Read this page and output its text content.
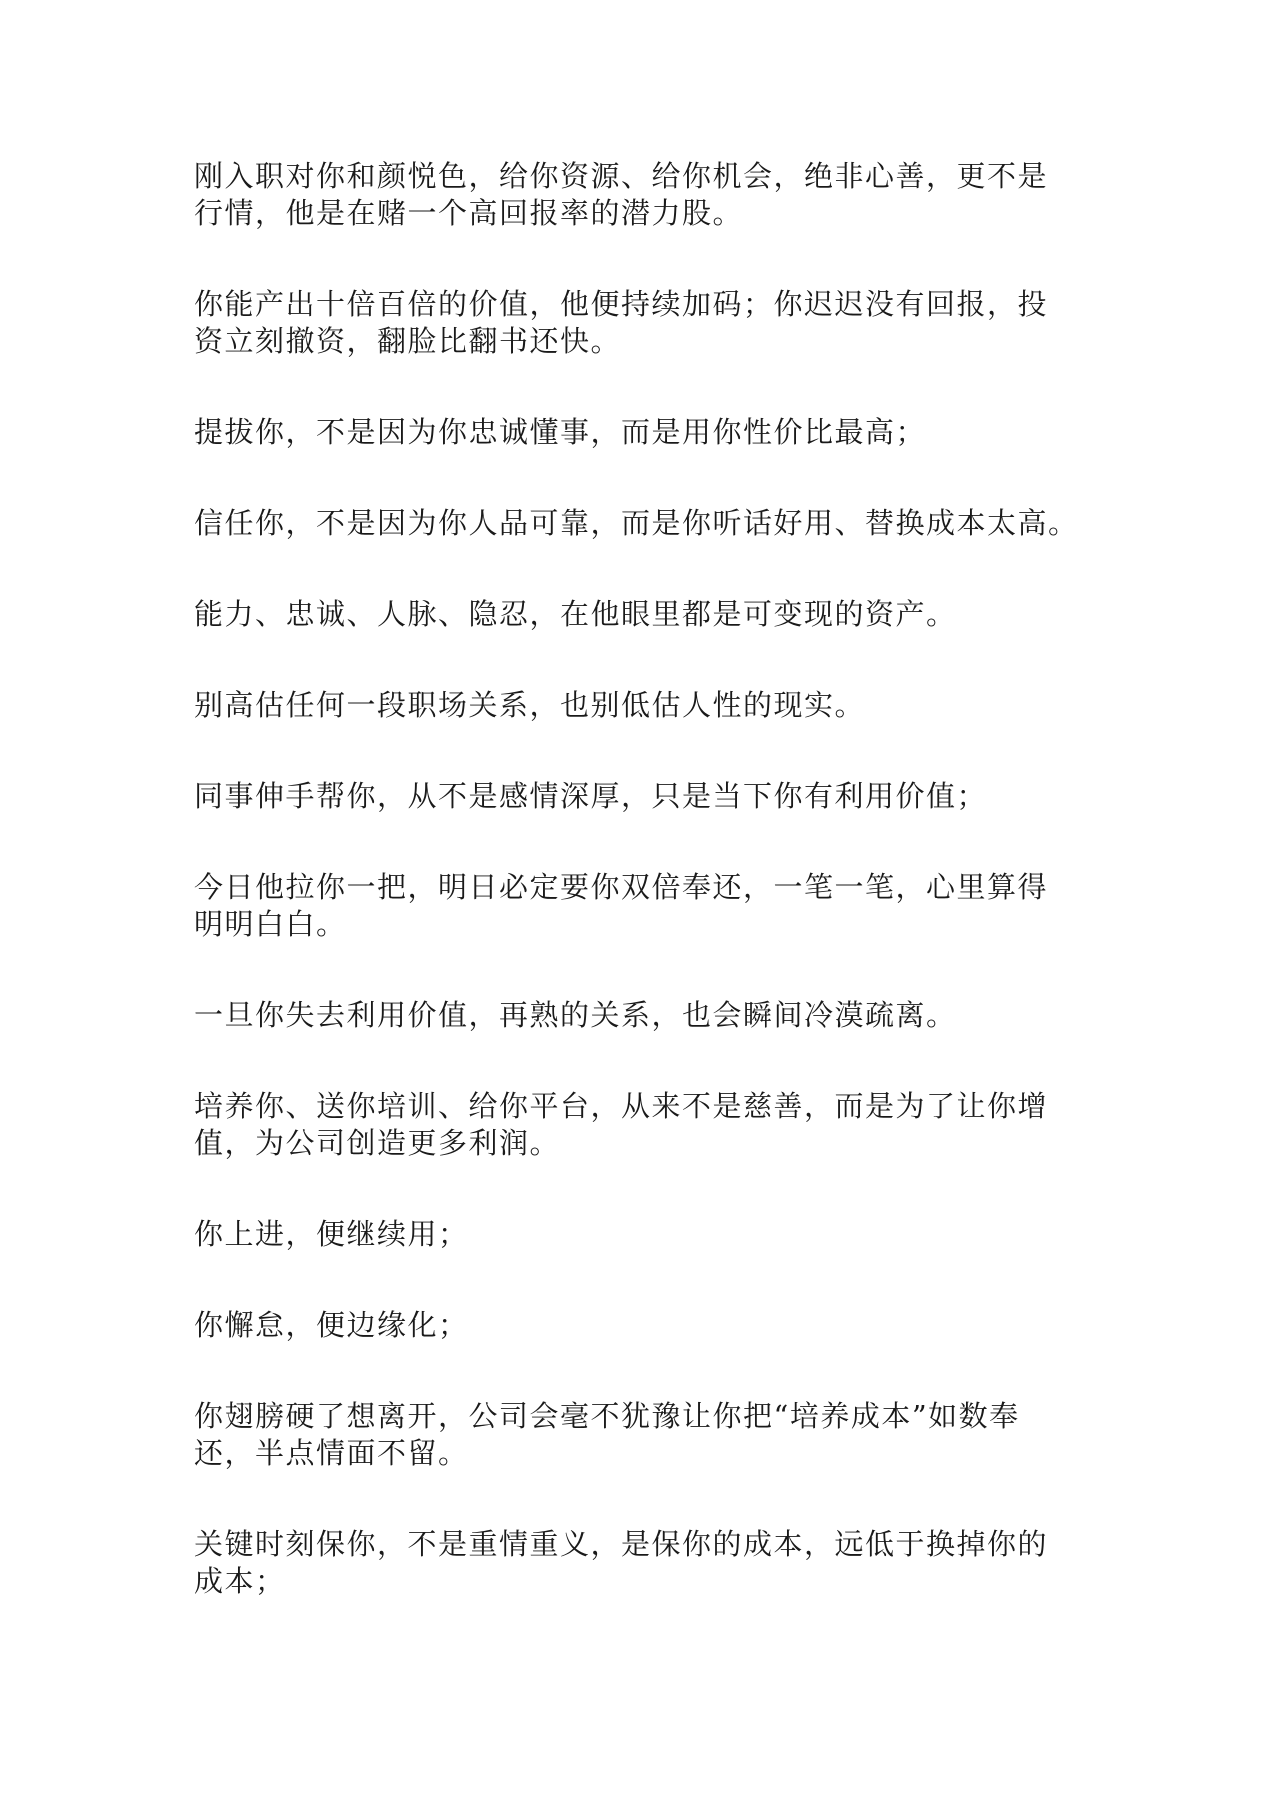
刚入职对你和颜悦色，给你资源、给你机会，绝非心善，更不是
行情，他是在赌一个高回报率的潜力股。

你能产出十倍百倍的价值，他便持续加码；你迟迟没有回报，投
资立刻撤资，翻脸比翻书还快。

提拔你，不是因为你忠诚懂事，而是用你性价比最高；

信任你，不是因为你人品可靠，而是你听话好用、替换成本太高。

能力、忠诚、人脉、隐忍，在他眼里都是可变现的资产。

别高估任何一段职场关系，也别低估人性的现实。

同事伸手帮你，从不是感情深厚，只是当下你有利用价值；

今日他拉你一把，明日必定要你双倍奉还，一笔一笔，心里算得
明明白白。

一旦你失去利用价值，再熟的关系，也会瞬间冷漠疏离。

培养你、送你培训、给你平台，从来不是慈善，而是为了让你增
值，为公司创造更多利润。

你上进，便继续用；

你懈怠，便边缘化；

你翅膀硬了想离开，公司会毫不犹豫让你把“培养成本”如数奉
还，半点情面不留。

关键时刻保你，不是重情重义，是保你的成本，远低于换掉你的
成本；
